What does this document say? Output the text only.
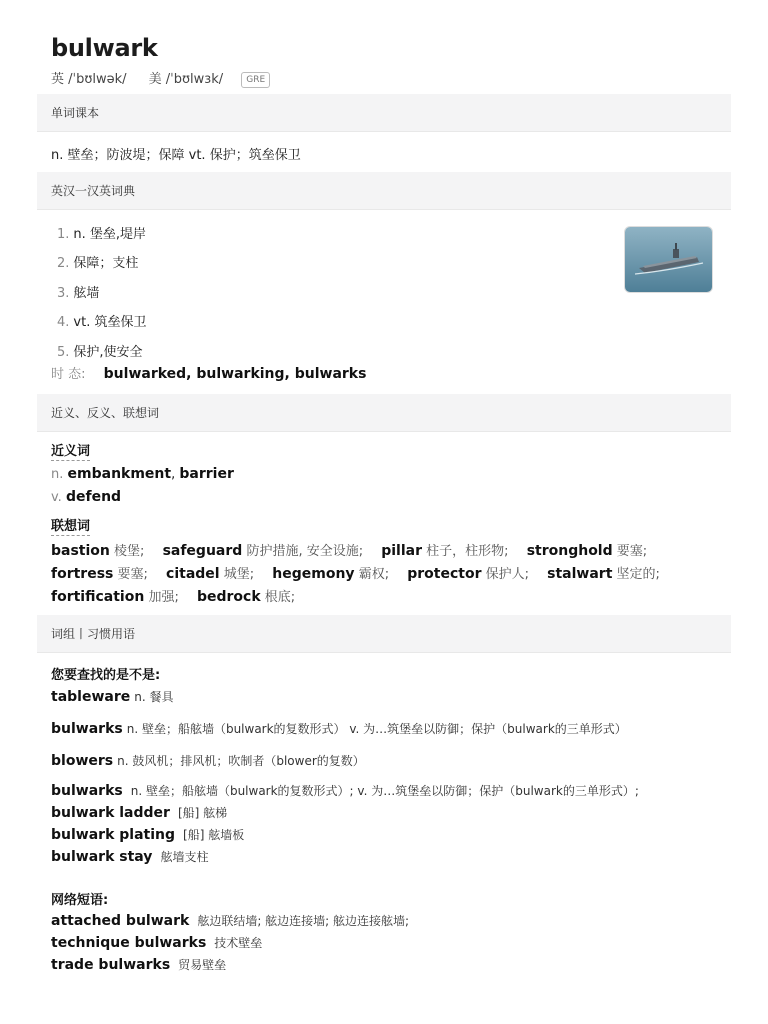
bulwark
英 /ˈbʊlwək/ 美 /ˈbʊlwɜk/	GRE
单词课本
n. 壁垒；防波堤；保障 vt. 保护；筑垒保卫
英汉一汉英词典
1. n. 堡垒,堤岸
2. 保障；支柱
3. 舷墙
4. vt. 筑垒保卫
5. 保护,使安全
时 态: bulwarked, bulwarking, bulwarks
近义、反义、联想词
近义词
n. embankment, barrier
v. defend
联想词
bastion 棱堡; safeguard 防护措施, 安全设施; pillar 柱子，柱形物; stronghold 要塞; fortress 要塞; citadel 城堡; hegemony 霸权; protector 保护人; stalwart 坚定的; fortification 加强; bedrock 根底;
词组丨习惯用语
您要查找的是不是:
tableware n. 餐具
bulwarks n. 壁垒；船舷墙（bulwark的复数形式） v. 为…筑堡垒以防御；保护（bulwark的三单形式）
blowers n. 鼓风机；排风机；吹制者（blower的复数）
bulwarks n. 壁垒；船舷墙（bulwark的复数形式）; v. 为…筑堡垒以防御；保护（bulwark的三单形式）;
bulwark ladder [船] 舷梯
bulwark plating [船] 舷墙板
bulwark stay 舷墙支柱
网络短语:
attached bulwark 舷边联结墙; 舷边连接墙; 舷边连接舷墙;
technique bulwarks 技术壁垒
trade bulwarks 贸易壁垒
